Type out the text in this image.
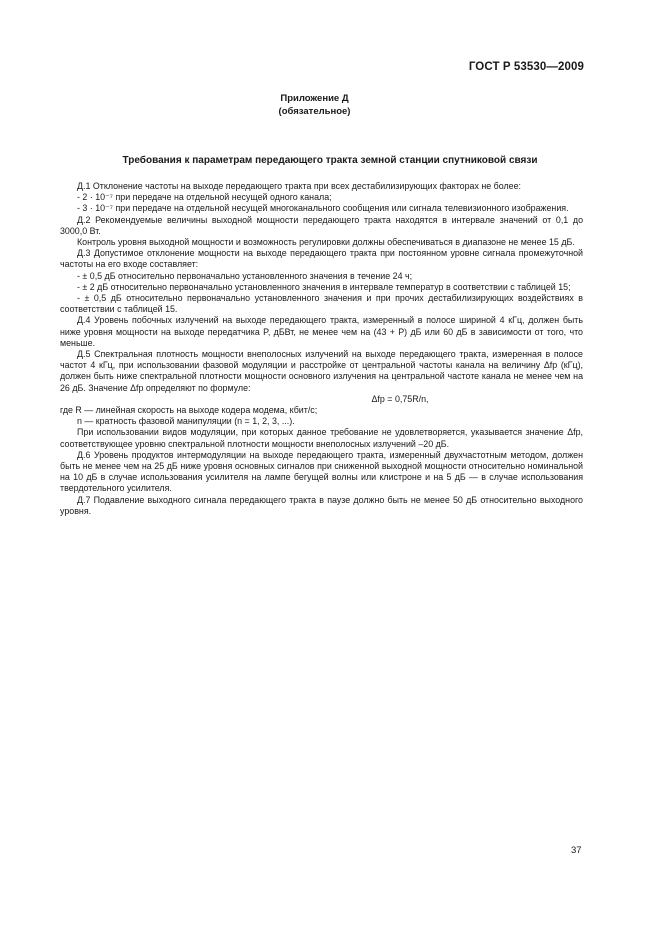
ГОСТ Р 53530—2009
Приложение Д
(обязательное)
Требования к параметрам передающего тракта земной станции спутниковой связи

Д.1 Отклонение частоты на выходе передающего тракта при всех дестабилизирующих факторах не более:

- 2 · 10⁻⁷ при передаче на отдельной несущей одного канала;

- 3 · 10⁻⁷ при передаче на отдельной несущей многоканального сообщения или сигнала телевизионного изображения.

Д.2 Рекомендуемые величины выходной мощности передающего тракта находятся в интервале значений от 0,1 до 3000,0 Вт.

Контроль уровня выходной мощности и возможность регулировки должны обеспечиваться в диапазоне не менее 15 дБ.

Д.3 Допустимое отклонение мощности на выходе передающего тракта при постоянном уровне сигнала промежуточной частоты на его входе составляет:

- ± 0,5 дБ относительно первоначально установленного значения в течение 24 ч;

- ± 2 дБ относительно первоначально установленного значения в интервале температур в соответствии с таблицей 15;

- ± 0,5 дБ относительно первоначально установленного значения и при прочих дестабилизирующих воздействиях в соответствии с таблицей 15.

Д.4 Уровень побочных излучений на выходе передающего тракта, измеренный в полосе шириной 4 кГц, должен быть ниже уровня мощности на выходе передатчика P, дБВт, не менее чем на (43 + P) дБ или 60 дБ в зависимости от того, что меньше.

Д.5 Спектральная плотность мощности внеполосных излучений на выходе передающего тракта, измеренная в полосе частот 4 кГц, при использовании фазовой модуляции и расстройке от центральной частоты канала на величину Δfр (кГц), должен быть ниже спектральной плотности мощности основного излучения на центральной частоте канала не менее чем на 26 дБ. Значение Δfр определяют по формуле:

Δfр = 0,75R/n,

где R — линейная скорость на выходе кодера модема, кбит/с;

n — кратность фазовой манипуляции (n = 1, 2, 3, ...).

При использовании видов модуляции, при которых данное требование не удовлетворяется, указывается значение Δfр, соответствующее уровню спектральной плотности мощности внеполосных излучений –20 дБ.

Д.6 Уровень продуктов интермодуляции на выходе передающего тракта, измеренный двухчастотным методом, должен быть не менее чем на 25 дБ ниже уровня основных сигналов при сниженной выходной мощности относительно номинальной на 10 дБ в случае использования усилителя на лампе бегущей волны или клистроне и на 5 дБ — в случае использования твердотельного усилителя.

Д.7 Подавление выходного сигнала передающего тракта в паузе должно быть не менее 50 дБ относительно выходного уровня.

37
